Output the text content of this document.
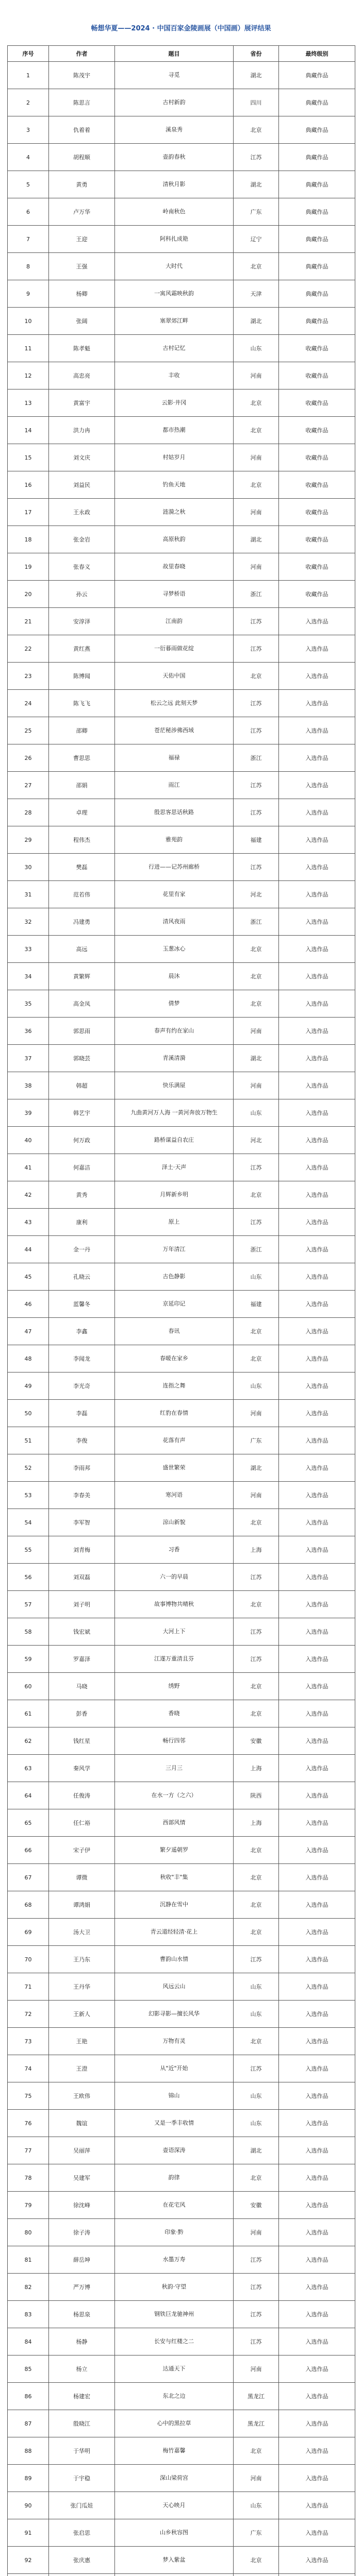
畅想华夏——2024 · 中国百家金陵画展（中国画）展评结果
序号	作者	题目	省份	最终级别
1	陈茂宇	寻觅	湖北	典藏作品
2	陈思言	古村新韵	四川	典藏作品
3	仇着着	溪泉秀	北京	典藏作品
4	胡程顺	壶韵春秋	江苏	典藏作品
5	黄勇	清秋月影	湖北	典藏作品
6	卢万华	岭南秋色	广东	典藏作品
7	王迎	阿科扎成艳	辽宁	典藏作品
8	王强	大时代	北京	典藏作品
9	杨卿	一寓风霜映秋韵	天津	典藏作品
10	张阔	塞翠郊江畔	湖北	典藏作品
11	陈孝魁	古村记忆	山东	收藏作品
12	高忠亮	丰收	河南	收藏作品
13	黄富宇	云影·井冈	北京	收藏作品
14	洪力冉	都市热潮	北京	收藏作品
15	刘文庆	村姑岁月	河南	收藏作品
16	刘益民	钓鱼天地	北京	收藏作品
17	王永政	涟漪之秋	河南	收藏作品
18	张金岩	高原秋韵	湖北	收藏作品
19	张春义	故里春晓	河南	收藏作品
20	孙云	寻梦桥语	浙江	收藏作品
21	安淳泽	江南韵	江苏	入选作品
22	黄红燕	一衍暮雨做花绽	江苏	入选作品
23	陈博闻	天佑中国	北京	入选作品
24	陈飞飞	松云之远 此刻天梦	江苏	入选作品
25	邵卿	苍茫秘涉佛西域	江苏	入选作品
26	曹思思	福禄	浙江	入选作品
27	邵娟	雨江	江苏	入选作品
28	卓理	殷思客思话秋路	江苏	入选作品
29	程伟杰	雅苑韵	福建	入选作品
30	樊磊	行进——记苏州廊桥	江苏	入选作品
31	范若伟	花里有家	河北	入选作品
32	冯建勇	清风夜雨	浙江	入选作品
33	高远	玉葱冰心	北京	入选作品
34	黄繁辉	晨沐	北京	入选作品
35	高金凤	倩梦	北京	入选作品
36	郭思雨	春声有约在家山	河南	入选作品
37	郭晓芸	青溪清漪	湖北	入选作品
38	韩超	快乐满屋	河南	入选作品
39	韩艺宇	九曲黄河万人海 一黄河奔放万物生	山东	入选作品
40	何万政	路桥谋益自农庄	河北	入选作品
41	何嘉洁	泽土·天声	江苏	入选作品
42	黄秀	月辉新乡明	北京	入选作品
43	康利	原上	江苏	入选作品
44	金一丹	万年清江	浙江	入选作品
45	孔晓云	古色静影	山东	入选作品
46	蓝馨冬	京延印记	福建	入选作品
47	李鑫	春讯	北京	入选作品
48	李闻龙	春暖在家乡	北京	入选作品
49	李光奇	连指之舞	山东	入选作品
50	李磊	红豹在春情	河南	入选作品
51	李俊	花落有声	广东	入选作品
52	李雨邦	盛世繁荣	湖北	入选作品
53	李春美	寒河语	河南	入选作品
54	李军智	涼山新貌	北京	入选作品
55	刘青梅	习香	上海	入选作品
56	刘双磊	六一的早晨	江苏	入选作品
57	刘子明	故事博物共晴秋	北京	入选作品
58	钱宏斌	大河上下	江苏	入选作品
59	罗嘉泽	江遂万重清且芬	江苏	入选作品
60	马晓	绣野	北京	入选作品
61	彭香	香晓	北京	入选作品
62	钱红星	畅行四邻	安徽	入选作品
63	秦风学	三月三	上海	入选作品
64	任俊涛	在水一方（之六）	陕西	入选作品
65	任仁裕	西部风情	上海	入选作品
66	宋子伊	繁夕遥朝罗	北京	入选作品
67	谭微	秋收"丰"集	北京	入选作品
68	谭鸿娟	沉静在雪中	北京	入选作品
69	汤大卫	青云道经轻清·花上	北京	入选作品
70	王乃东	曹韵山水情	江苏	入选作品
71	王丹华	风远云山	山东	入选作品
72	王新人	幻影寻影—擅长风华	山东	入选作品
73	王艳	万物有灵	北京	入选作品
74	王澄	从"近"开始	江苏	入选作品
75	王欧伟	锦山	山东	入选作品
76	魏谊	又是一季丰收情	山东	入选作品
77	吴丽萍	壶语深涛	湖北	入选作品
78	吴建军	韵律	北京	入选作品
79	徐沈峰	在花宅风	安徽	入选作品
80	徐子涛	印象·黔	河南	入选作品
81	薛岳坤	水墨万寿	江苏	入选作品
82	严万博	秋韵·守望	江苏	入选作品
83	杨思泉	钢铁巨龙驰神州	江苏	入选作品
84	杨静	长安与红楼之二	江苏	入选作品
85	杨立	达通天下	河南	入选作品
86	杨建宏	东北之边	黑龙江	入选作品
87	殷晓江	心中的黑拉草	黑龙江	入选作品
88	于华明	梅竹嘉馨	北京	入选作品
89	于宇稳	深山梁荷宫	河南	入选作品
90	张门瓜娃	天心映月	山东	入选作品
91	张启思	山乡秋容图	广东	入选作品
92	张庆惠	梦入紫盆	北京	入选作品
